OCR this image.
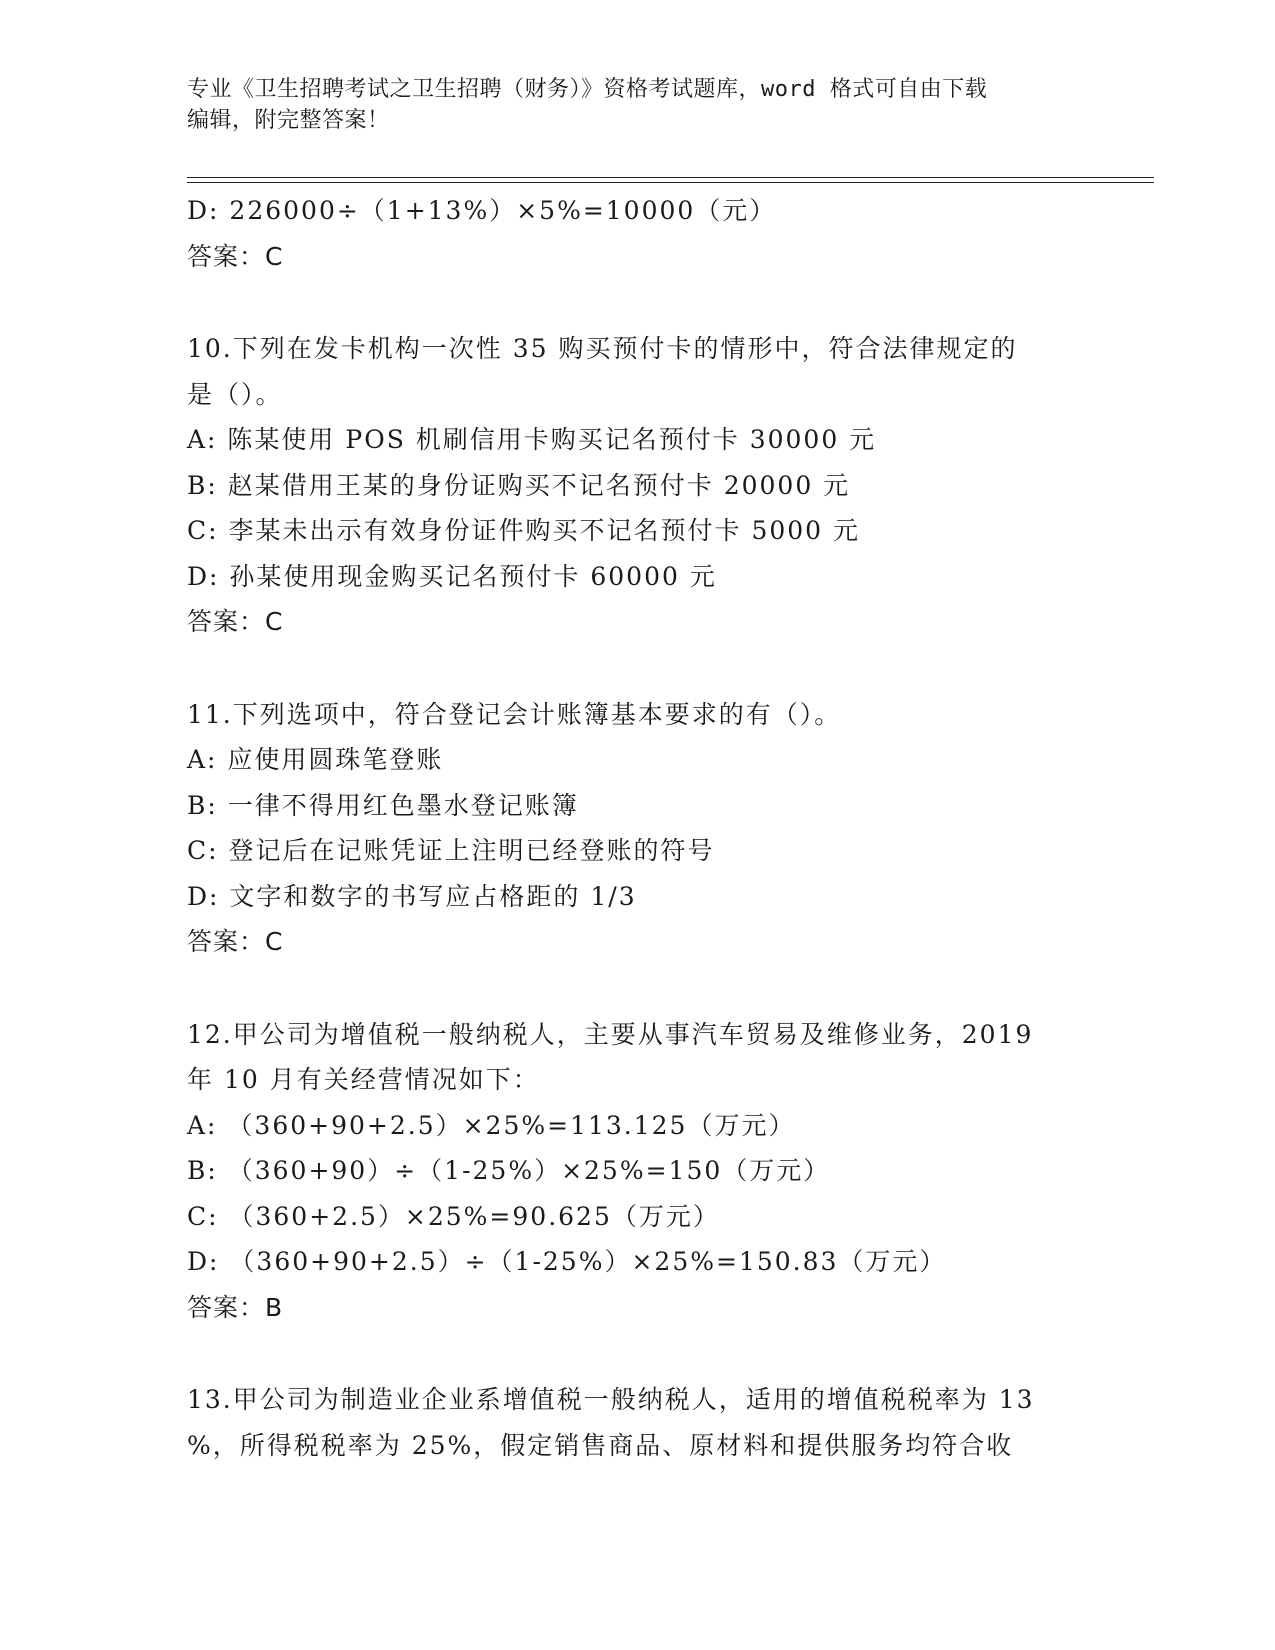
专业《卫生招聘考试之卫生招聘（财务）》资格考试题库，word 格式可自由下载
编辑，附完整答案！
D: 226000÷（1+13%）×5%=10000（元）
答案：C
10.下列在发卡机构一次性 35 购买预付卡的情形中，符合法律规定的
是（）。
A: 陈某使用 POS 机刷信用卡购买记名预付卡 30000 元
B: 赵某借用王某的身份证购买不记名预付卡 20000 元
C: 李某未出示有效身份证件购买不记名预付卡 5000 元
D: 孙某使用现金购买记名预付卡 60000 元
答案：C
11.下列选项中，符合登记会计账簿基本要求的有（）。
A: 应使用圆珠笔登账
B: 一律不得用红色墨水登记账簿
C: 登记后在记账凭证上注明已经登账的符号
D: 文字和数字的书写应占格距的 1/3
答案：C
12.甲公司为增值税一般纳税人，主要从事汽车贸易及维修业务，2019
年 10 月有关经营情况如下：
A: （360+90+2.5）×25%=113.125（万元）
B: （360+90）÷（1-25%）×25%=150（万元）
C: （360+2.5）×25%=90.625（万元）
D: （360+90+2.5）÷（1-25%）×25%=150.83（万元）
答案：B
13.甲公司为制造业企业系增值税一般纳税人，适用的增值税税率为 13
%，所得税税率为 25%，假定销售商品、原材料和提供服务均符合收
